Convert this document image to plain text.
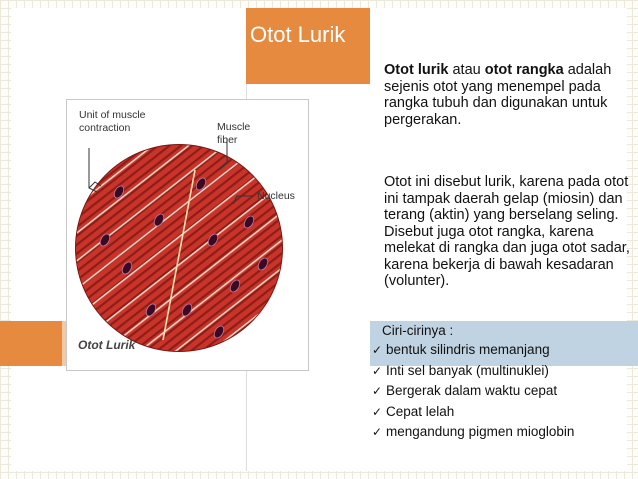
Otot Lurik
Unit of muscle contraction	Muscle fiber
Nucleus
Otot Lurik
Otot lurik atau otot rangka adalah sejenis otot yang menempel pada rangka tubuh dan digunakan untuk pergerakan.
Otot ini disebut lurik, karena pada otot ini tampak daerah gelap (miosin) dan terang (aktin) yang berselang seling. Disebut juga otot rangka, karena melekat di rangka dan juga otot sadar, karena bekerja di bawah kesadaran (volunter).
Ciri-cirinya :
✓ bentuk silindris memanjang
✓ Inti sel banyak (multinuklei)
✓ Bergerak dalam waktu cepat
✓ Cepat lelah
✓ mengandung pigmen mioglobin
